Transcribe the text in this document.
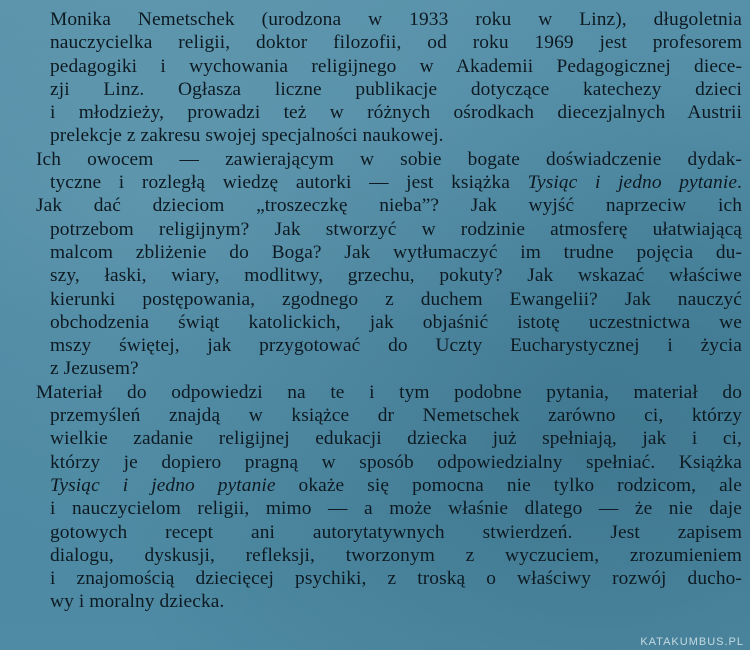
Monika Nemetschek (urodzona w 1933 roku w Linz), długoletnia
nauczycielka religii, doktor filozofii, od roku 1969 jest profesorem
pedagogiki i wychowania religijnego w Akademii Pedagogicznej diece-
zji Linz. Ogłasza liczne publikacje dotyczące katechezy dzieci
i młodzieży, prowadzi też w różnych ośrodkach diecezjalnych Austrii
prelekcje z zakresu swojej specjalności naukowej.
Ich owocem — zawierającym w sobie bogate doświadczenie dydak-
tyczne i rozległą wiedzę autorki — jest książka Tysiąc i jedno pytanie.
Jak dać dzieciom „troszeczkę nieba”? Jak wyjść naprzeciw ich
potrzebom religijnym? Jak stworzyć w rodzinie atmosferę ułatwiającą
malcom zbliżenie do Boga? Jak wytłumaczyć im trudne pojęcia du-
szy, łaski, wiary, modlitwy, grzechu, pokuty? Jak wskazać właściwe
kierunki postępowania, zgodnego z duchem Ewangelii? Jak nauczyć
obchodzenia świąt katolickich, jak objaśnić istotę uczestnictwa we
mszy świętej, jak przygotować do Uczty Eucharystycznej i życia
z Jezusem?
Materiał do odpowiedzi na te i tym podobne pytania, materiał do
przemyśleń znajdą w książce dr Nemetschek zarówno ci, którzy
wielkie zadanie religijnej edukacji dziecka już spełniają, jak i ci,
którzy je dopiero pragną w sposób odpowiedzialny spełniać. Książka
Tysiąc i jedno pytanie okaże się pomocna nie tylko rodzicom, ale
i nauczycielom religii, mimo — a może właśnie dlatego — że nie daje
gotowych recept ani autorytatywnych stwierdzeń. Jest zapisem
dialogu, dyskusji, refleksji, tworzonym z wyczuciem, zrozumieniem
i znajomością dziecięcej psychiki, z troską o właściwy rozwój ducho-
wy i moralny dziecka.
KATAKUMBUS.PL
